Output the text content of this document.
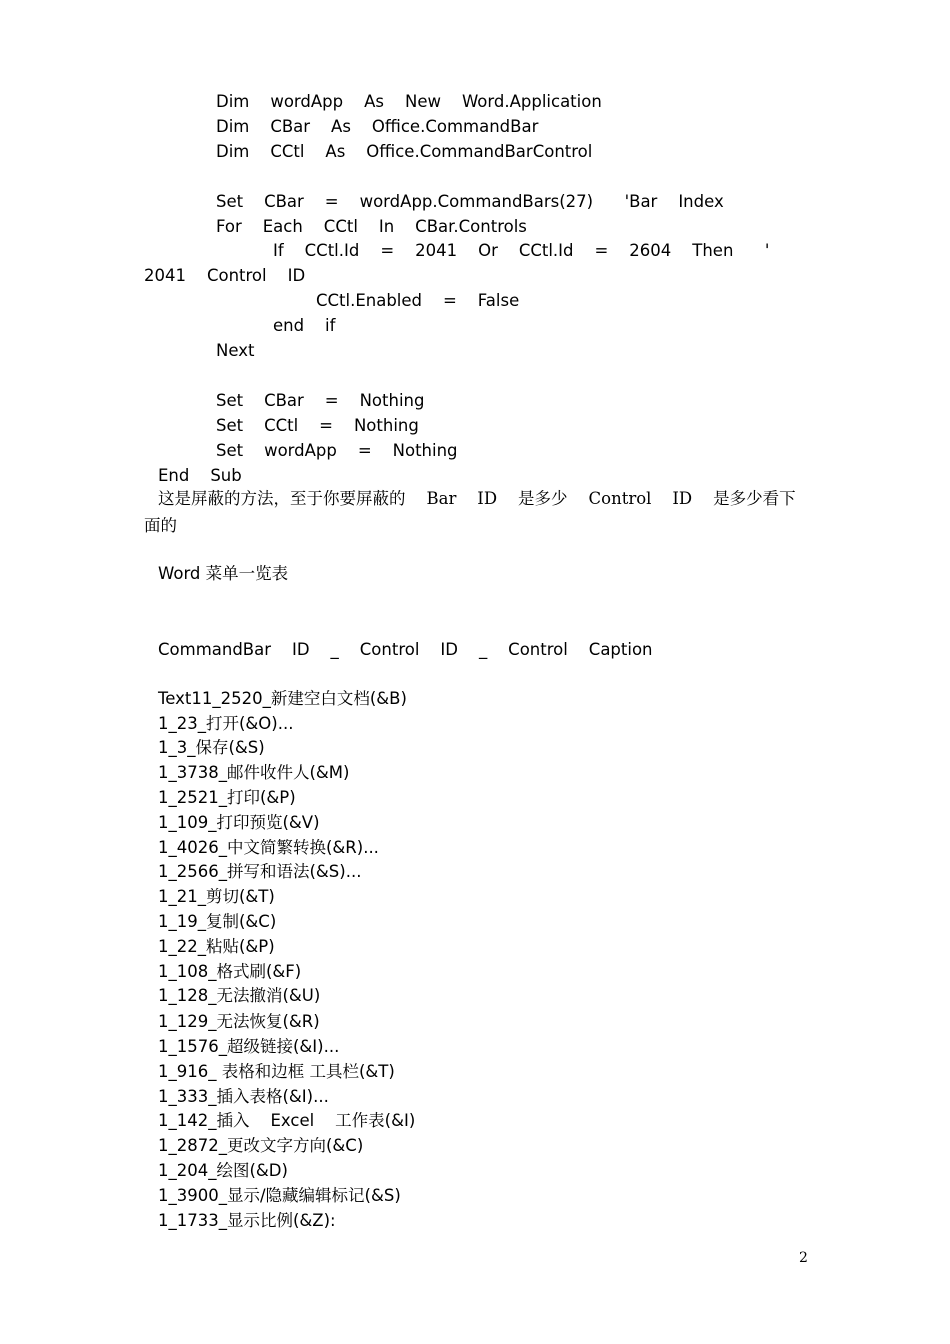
Dim    wordApp    As    New    Word.Application
Dim    CBar    As    Office.CommandBar
Dim    CCtl    As    Office.CommandBarControl
Set    CBar    =    wordApp.CommandBars(27)      'Bar    Index
For    Each    CCtl    In    CBar.Controls
If    CCtl.Id    =    2041    Or    CCtl.Id    =    2604    Then      '
2041    Control    ID
CCtl.Enabled    =    False
end    if
Next
Set    CBar    =    Nothing
Set    CCtl    =    Nothing
Set    wordApp    =    Nothing
End    Sub
这是屏蔽的方法，至于你要屏蔽的    Bar    ID    是多少    Control    ID    是多少看下
面的
Word 菜单一览表
CommandBar    ID    _    Control    ID    _    Control    Caption
Text11_2520_新建空白文档(&B)
1_23_打开(&O)...
1_3_保存(&S)
1_3738_邮件收件人(&M)
1_2521_打印(&P)
1_109_打印预览(&V)
1_4026_中文简繁转换(&R)...
1_2566_拼写和语法(&S)...
1_21_剪切(&T)
1_19_复制(&C)
1_22_粘贴(&P)
1_108_格式刷(&F)
1_128_无法撤消(&U)
1_129_无法恢复(&R)
1_1576_超级链接(&I)...
1_916_ 表格和边框 工具栏(&T)
1_333_插入表格(&I)...
1_142_插入    Excel    工作表(&I)
1_2872_更改文字方向(&C)
1_204_绘图(&D)
1_3900_显示/隐藏编辑标记(&S)
1_1733_显示比例(&Z):
2
